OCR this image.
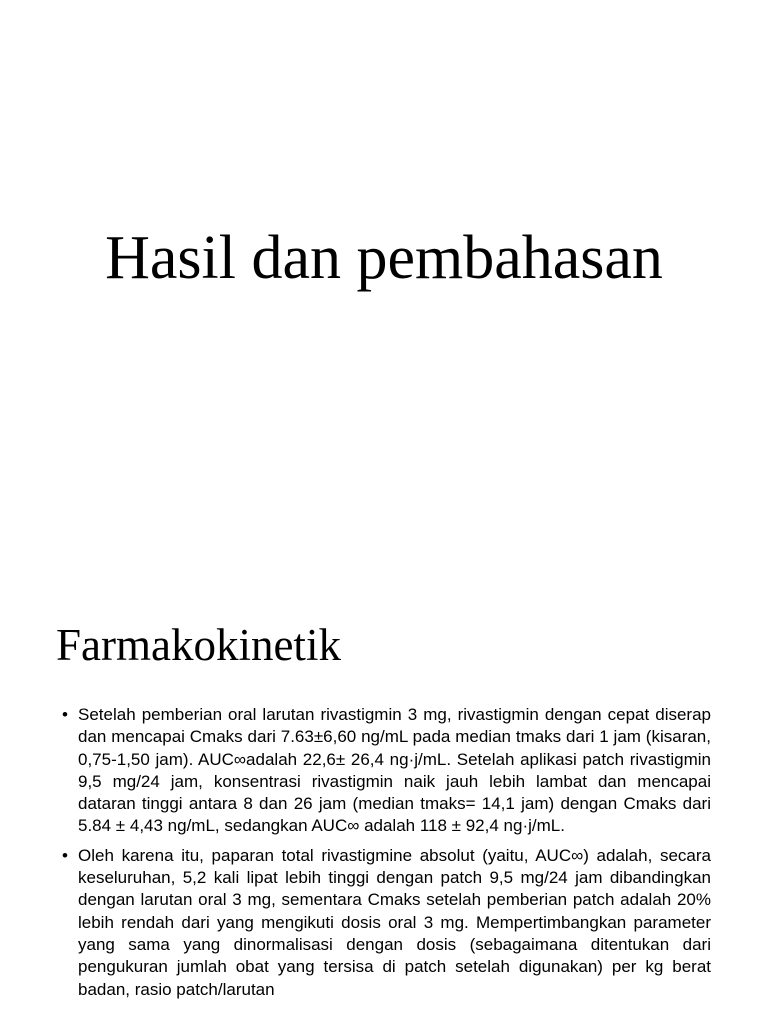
Hasil dan pembahasan
Farmakokinetik
• Setelah pemberian oral larutan rivastigmin 3 mg, rivastigmin dengan cepat diserap dan mencapai Cmaks dari 7.63±6,60 ng/mL pada median tmaks dari 1 jam (kisaran, 0,75-1,50 jam). AUC∞adalah 22,6± 26,4 ng·j/mL. Setelah aplikasi patch rivastigmin 9,5 mg/24 jam, konsentrasi rivastigmin naik jauh lebih lambat dan mencapai dataran tinggi antara 8 dan 26 jam (median tmaks= 14,1 jam) dengan Cmaks dari 5.84 ± 4,43 ng/mL, sedangkan AUC∞ adalah 118 ± 92,4 ng·j/mL.
• Oleh karena itu, paparan total rivastigmine absolut (yaitu, AUC∞) adalah, secara keseluruhan, 5,2 kali lipat lebih tinggi dengan patch 9,5 mg/24 jam dibandingkan dengan larutan oral 3 mg, sementara Cmaks setelah pemberian patch adalah 20% lebih rendah dari yang mengikuti dosis oral 3 mg. Mempertimbangkan parameter yang sama yang dinormalisasi dengan dosis (sebagaimana ditentukan dari pengukuran jumlah obat yang tersisa di patch setelah digunakan) per kg berat badan, rasio patch/larutan
